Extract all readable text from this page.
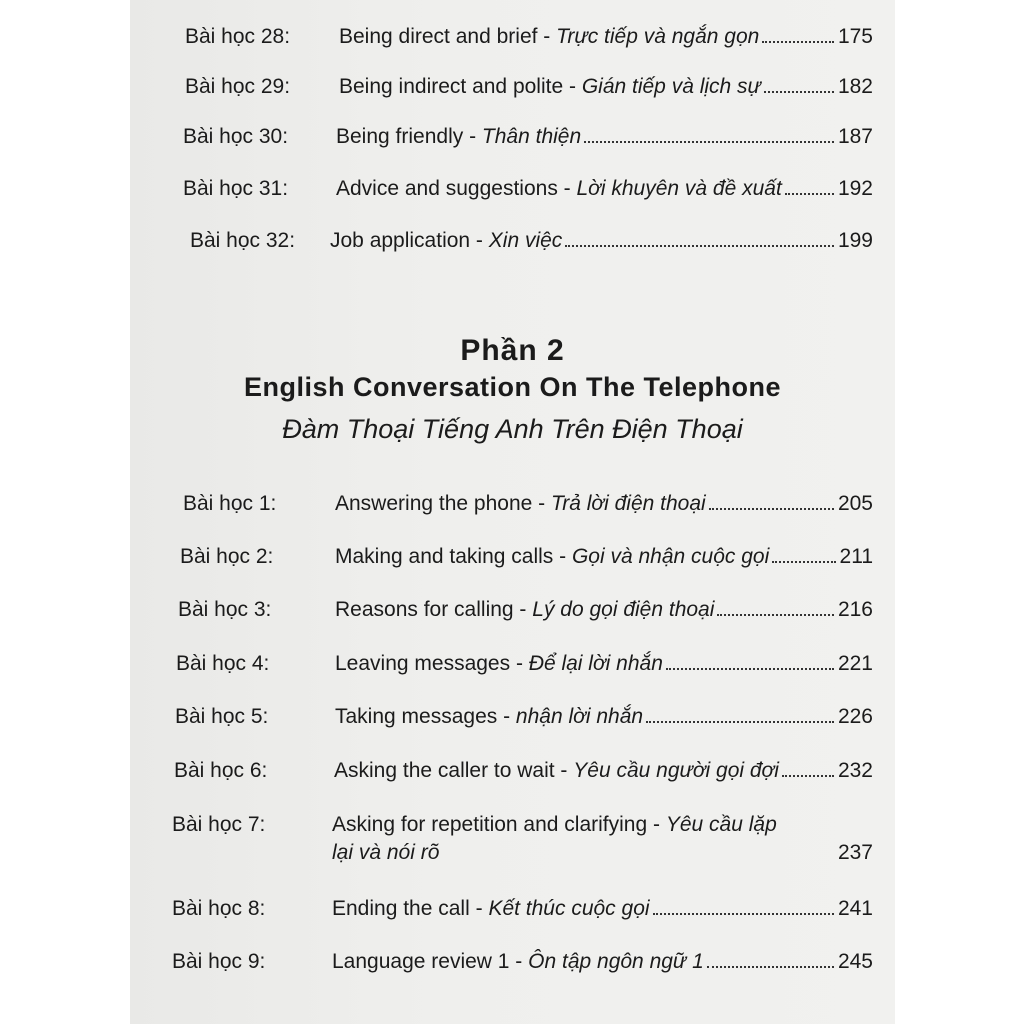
Phần 2
English Conversation On The Telephone
Đàm Thoại Tiếng Anh Trên Điện Thoại
Bài học 28:	Being direct and brief - Trực tiếp và ngắn gọn	175
Bài học 29:	Being indirect and polite - Gián tiếp và lịch sự	182
Bài học 30:	Being friendly - Thân thiện	187
Bài học 31:	Advice and suggestions - Lời khuyên và đề xuất	192
Bài học 32:	Job application - Xin việc	199
Bài học 1:	Answering the phone - Trả lời điện thoại	205
Bài học 2:	Making and taking calls - Gọi và nhận cuộc gọi	211
Bài học 3:	Reasons for calling - Lý do gọi điện thoại	216
Bài học 4:	Leaving messages - Để lại lời nhắn	221
Bài học 5:	Taking messages - nhận lời nhắn	226
Bài học 6:	Asking the caller to wait - Yêu cầu người gọi đợi	232
Bài học 7:	Asking for repetition and clarifying - Yêu cầu lặp
lại và nói rõ	237
Bài học 8:	Ending the call - Kết thúc cuộc gọi	241
Bài học 9:	Language review 1 - Ôn tập ngôn ngữ 1	245
